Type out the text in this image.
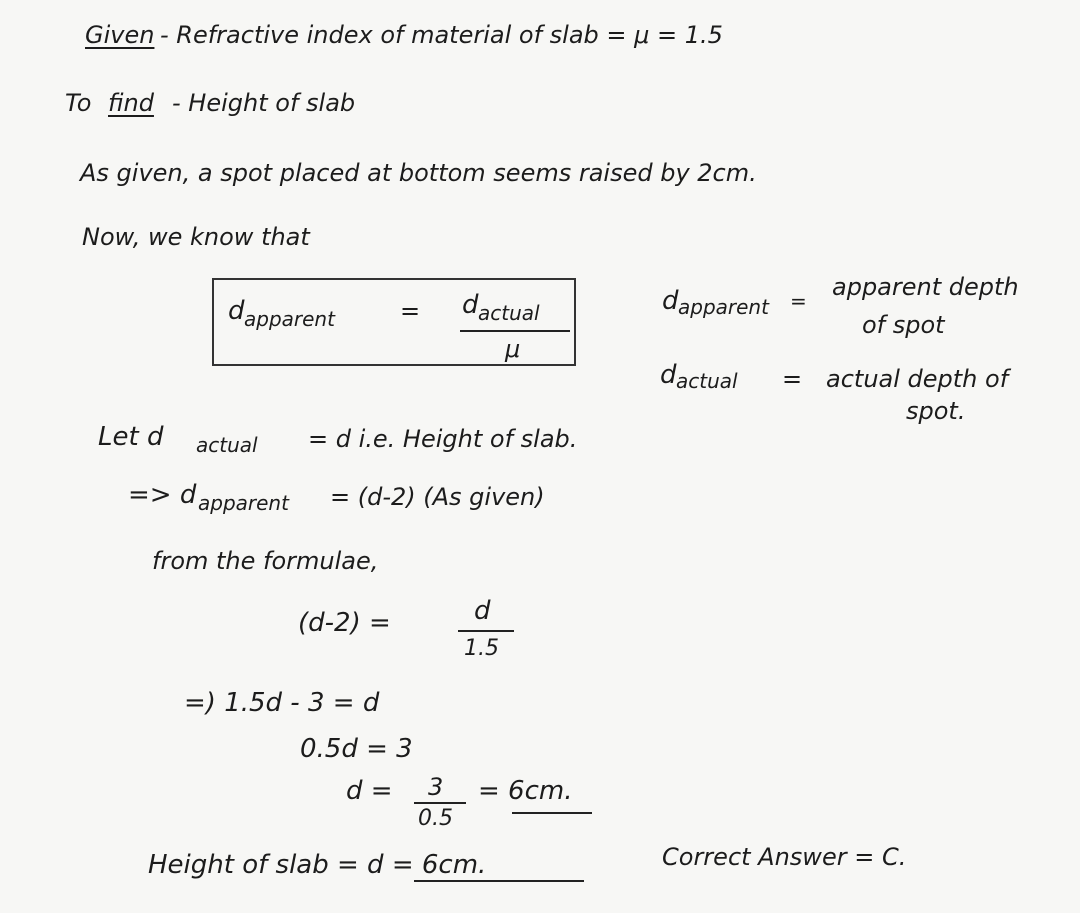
Given - Refractive index of material of slab = μ = 1.5
To find - Height of slab
As given, a spot placed at bottom seems raised by 2cm.
Now, we know that
d apparent	= d actual
μ
d apparent = apparent depth
of spot
d actual = actual depth of
spot.
Let d actual = d i.e. Height of slab.
=> d apparent = (d-2) (As given)
from the formulae,
(d-2) =	d
1.5
=) 1.5d - 3 = d
0.5d = 3
d = 3
0.5
= 6cm.
Height of slab = d = 6cm.	Correct Answer = C.
